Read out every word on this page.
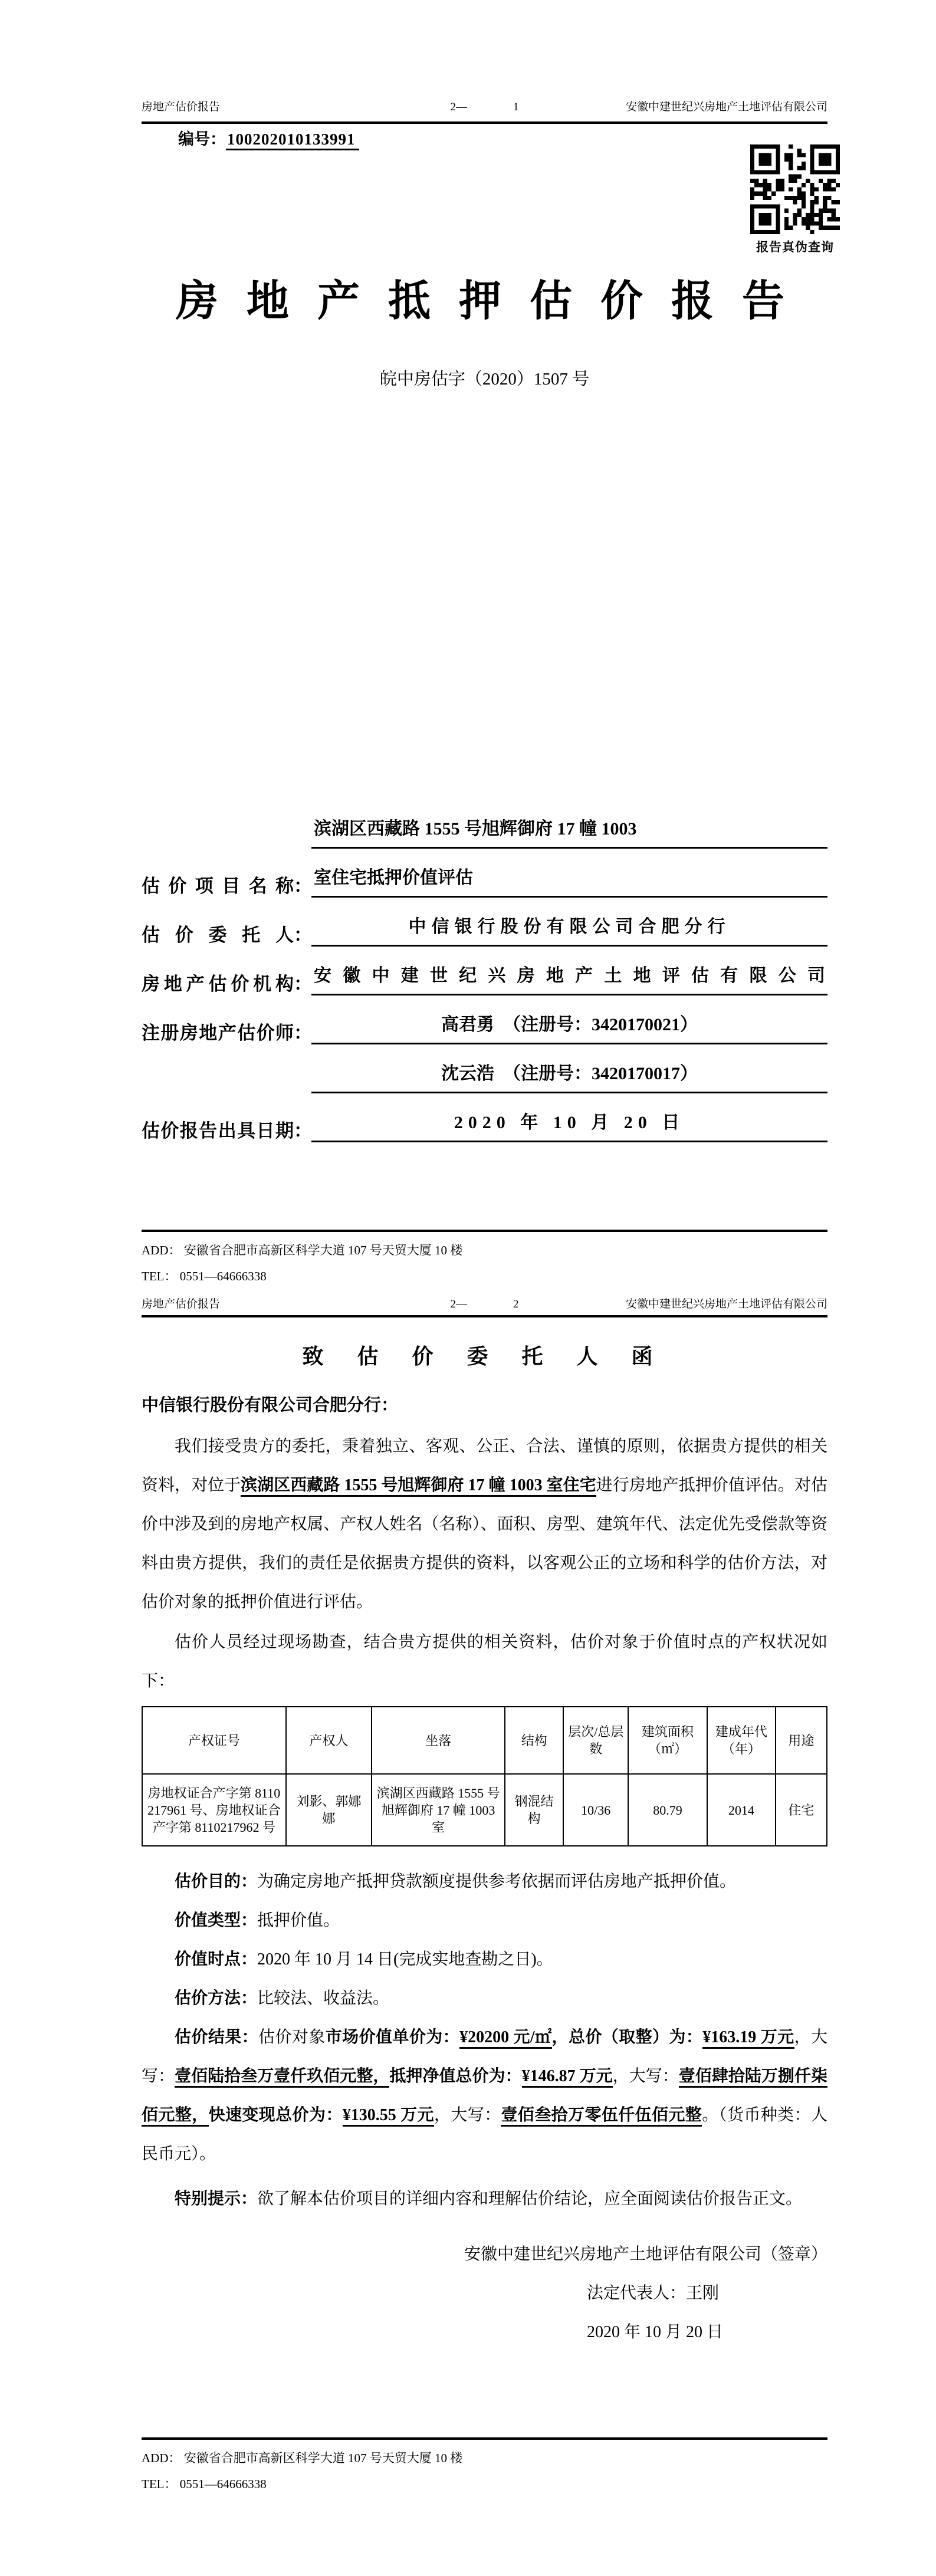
房地产估价报告	2—	1	安徽中建世纪兴房地产土地评估有限公司
编号：100202010133991
报告真伪查询
房 地 产 抵 押 估 价 报 告
皖中房估字（2020）1507 号
估价项目名称 ：
滨湖区西藏路 1555 号旭辉御府 17 幢 1003
室住宅抵押价值评估
估价委托人 ：	中信银行股份有限公司合肥分行
房地产估价机构 ： 安徽中建世纪兴房地产土地评估有限公司
注册房地产估价师 ：	高君勇　（注册号：3420170021）
沈云浩　（注册号：3420170017）
估价报告出具日期 ：	2020 年 10 月 20 日
ADD： 安徽省合肥市高新区科学大道 107 号天贸大厦 10 楼
TEL： 0551—64666338
房地产估价报告	2—	2	安徽中建世纪兴房地产土地评估有限公司
致 估 价 委 托 人 函
中信银行股份有限公司合肥分行：
我们接受贵方的委托，秉着独立、客观、公正、合法、谨慎的原则，依据贵方提供的相关资料，对位于滨湖区西藏路 1555 号旭辉御府 17 幢 1003 室住宅进行房地产抵押价值评估。对估价中涉及到的房地产权属、产权人姓名（名称）、面积、房型、建筑年代、法定优先受偿款等资料由贵方提供，我们的责任是依据贵方提供的资料，以客观公正的立场和科学的估价方法，对估价对象的抵押价值进行评估。
估价人员经过现场勘查，结合贵方提供的相关资料，估价对象于价值时点的产权状况如下：
产权证号	产权人	坐落	结构	层次/总层数	建筑面积（㎡）	建成年代（年）	用途
房地权证合产字第 8110217961 号、房地权证合产字第 8110217962 号	刘影、郭娜娜	滨湖区西藏路 1555 号旭辉御府 17 幢 1003 室	钢混结构	10/36	80.79	2014	住宅
估价目的：为确定房地产抵押贷款额度提供参考依据而评估房地产抵押价值。
价值类型：抵押价值。
价值时点：2020 年 10 月 14 日(完成实地查勘之日)。
估价方法：比较法、收益法。
估价结果：估价对象市场价值单价为：¥20200 元/㎡，总价（取整）为：¥163.19 万元，大写：壹佰陆拾叁万壹仟玖佰元整，抵押净值总价为：¥146.87 万元，大写：壹佰肆拾陆万捌仟柒佰元整，快速变现总价为：¥130.55 万元，大写：壹佰叁拾万零伍仟伍佰元整。（货币种类：人民币元）。
特别提示：欲了解本估价项目的详细内容和理解估价结论，应全面阅读估价报告正文。
安徽中建世纪兴房地产土地评估有限公司（签章）
法定代表人：王刚
2020 年 10 月 20 日
ADD： 安徽省合肥市高新区科学大道 107 号天贸大厦 10 楼
TEL： 0551—64666338
